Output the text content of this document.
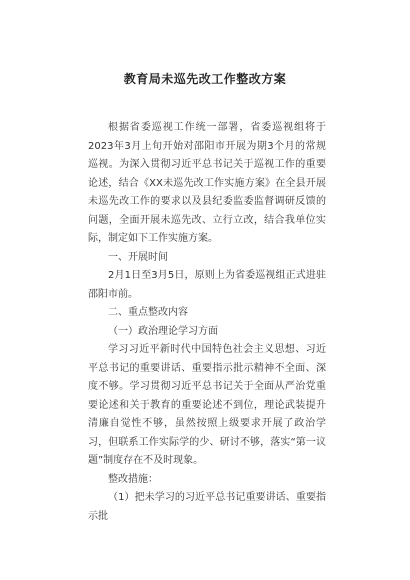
教育局未巡先改工作整改方案

根据省委巡视工作统一部署，省委巡视组将于2023年3月上旬开始对邵阳市开展为期3个月的常规巡视。为深入贯彻习近平总书记关于巡视工作的重要论述，结合《XX未巡先改工作实施方案》在全县开展未巡先改工作的要求以及县纪委监委监督调研反馈的问题，全面开展未巡先改、立行立改，结合我单位实际，制定如下工作实施方案。

一、开展时间

2月1日至3月5日，原则上为省委巡视组正式进驻邵阳市前。

二、重点整改内容

（一）政治理论学习方面

学习习近平新时代中国特色社会主义思想、习近平总书记的重要讲话、重要指示批示精神不全面、深度不够。学习贯彻习近平总书记关于全面从严治党重要论述和关于教育的重要论述不到位，理论武装提升清廉自觉性不够，虽然按照上级要求开展了政治学习，但联系工作实际学的少、研讨不够，落实“第一议题”制度存在不及时现象。

整改措施：

（1）把未学习的习近平总书记重要讲话、重要指示批
